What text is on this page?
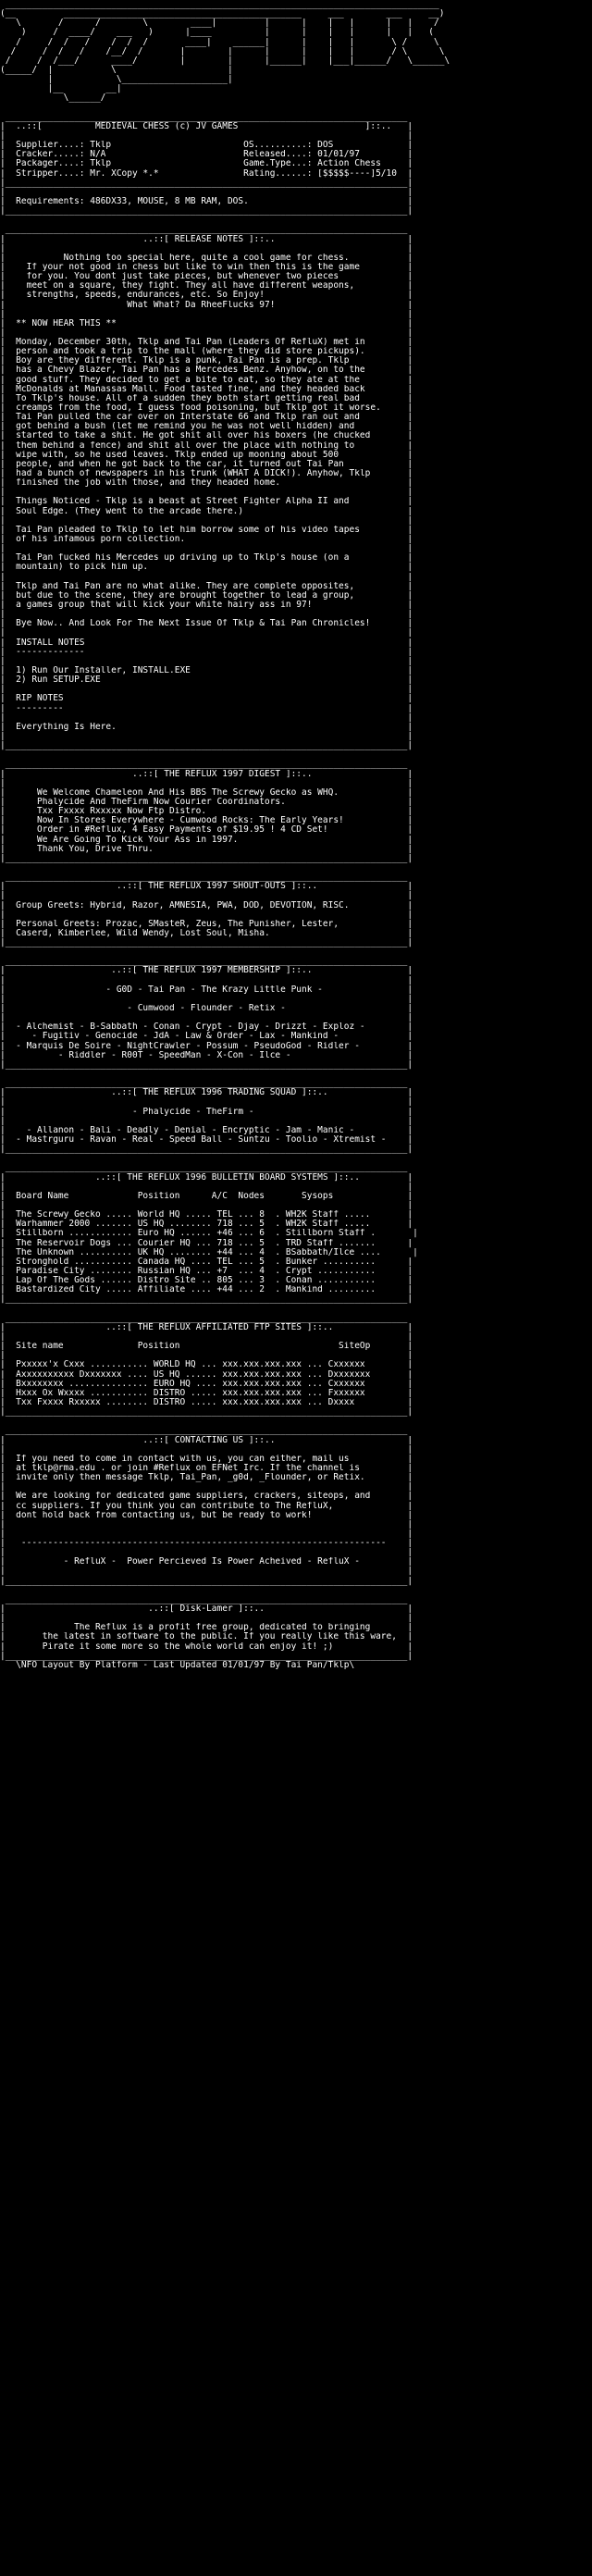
__________________________________________________________________________________
(__         _____________________________________________     ___        ___     __)
\       /      /        \        ____|         |      |    |   |      |   |    /
)     /  ____/    ___   )      |____          |      |    |   |      |   |   (
/     /  /   /    /  /  /       ____|    ______|      |    |   |       \ /     \
/     /  /   /    /__/  /       |        |      |      |    |   |       / \      \
/     /  /___/      ____/        |        |      |______|    |___|______/   \______\
(_____/  |           \                     |
|            \____________________|
|__        __|
\______/
____________________________________________________________________________
|  ..::[          MEDIEVAL CHESS (c) JV GAMES                        ]::..   |
|                                                                            |
|  Supplier....: Tklp                         OS..........: DOS              |
|  Cracker.....: N/A                          Released....: 01/01/97         |
|  Packager....: Tklp                         Game.Type...: Action Chess     |
|  Stripper....: Mr. XCopy *.*                Rating......: [$$$$$----]5/10  |
|____________________________________________________________________________|
|                                                                            |
|  Requirements: 486DX33, MOUSE, 8 MB RAM, DOS.                              |
|____________________________________________________________________________|
____________________________________________________________________________
|                          ..::[ RELEASE NOTES ]::..                         |
|                                                                            |
|           Nothing too special here, quite a cool game for chess.           |
|    If your not good in chess but like to win then this is the game         |
|    for you. You dont just take pieces, but whenever two pieces             |
|    meet on a square, they fight. They all have different weapons,          |
|    strengths, speeds, endurances, etc. So Enjoy!                           |
|                       What What? Da RheeFlucks 97!                         |
|                                                                            |
|  ** NOW HEAR THIS **                                                       |
|                                                                            |
|  Monday, December 30th, Tklp and Tai Pan (Leaders Of RefluX) met in        |
|  person and took a trip to the mall (where they did store pickups).        |
|  Boy are they different. Tklp is a punk, Tai Pan is a prep. Tklp           |
|  has a Chevy Blazer, Tai Pan has a Mercedes Benz. Anyhow, on to the        |
|  good stuff. They decided to get a bite to eat, so they ate at the         |
|  McDonalds at Manassas Mall. Food tasted fine, and they headed back        |
|  To Tklp's house. All of a sudden they both start getting real bad         |
|  creamps from the food, I guess food poisoning, but Tklp got it worse.     |
|  Tai Pan pulled the car over on Interstate 66 and Tklp ran out and         |
|  got behind a bush (let me remind you he was not well hidden) and          |
|  started to take a shit. He got shit all over his boxers (he chucked       |
|  them behind a fence) and shit all over the place with nothing to          |
|  wipe with, so he used leaves. Tklp ended up mooning about 500             |
|  people, and when he got back to the car, it turned out Tai Pan            |
|  had a bunch of newspapers in his trunk (WHAT A DICK!). Anyhow, Tklp       |
|  finished the job with those, and they headed home.                        |
|                                                                            |
|  Things Noticed - Tklp is a beast at Street Fighter Alpha II and           |
|  Soul Edge. (They went to the arcade there.)                               |
|                                                                            |
|  Tai Pan pleaded to Tklp to let him borrow some of his video tapes         |
|  of his infamous porn collection.                                          |
|                                                                            |
|  Tai Pan fucked his Mercedes up driving up to Tklp's house (on a           |
|  mountain) to pick him up.                                                 |
|                                                                            |
|  Tklp and Tai Pan are no what alike. They are complete opposites,          |
|  but due to the scene, they are brought together to lead a group,          |
|  a games group that will kick your white hairy ass in 97!                  |
|                                                                            |
|  Bye Now.. And Look For The Next Issue Of Tklp & Tai Pan Chronicles!       |
|                                                                            |
|  INSTALL NOTES                                                             |
|  -------------                                                             |
|                                                                            |
|  1) Run Our Installer, INSTALL.EXE                                         |
|  2) Run SETUP.EXE                                                          |
|                                                                            |
|  RIP NOTES                                                                 |
|  ---------                                                                 |
|                                                                            |
|  Everything Is Here.                                                       |
|                                                                            |
|____________________________________________________________________________|
____________________________________________________________________________
|                        ..::[ THE REFLUX 1997 DIGEST ]::..                  |
|                                                                            |
|      We Welcome Chameleon And His BBS The Screwy Gecko as WHQ.             |
|      Phalycide And TheFirm Now Courier Coordinators.                       |
|      Txx Fxxxx Rxxxxx Now Ftp Distro.                                      |
|      Now In Stores Everywhere - Cumwood Rocks: The Early Years!            |
|      Order in #Reflux, 4 Easy Payments of $19.95 ! 4 CD Set!               |
|      We Are Going To Kick Your Ass in 1997.                                |
|      Thank You, Drive Thru.                                                |
|____________________________________________________________________________|
____________________________________________________________________________
|                     ..::[ THE REFLUX 1997 SHOUT-OUTS ]::..                 |
|                                                                            |
|  Group Greets: Hybrid, Razor, AMNESIA, PWA, DOD, DEVOTION, RISC.           |
|                                                                            |
|  Personal Greets: Prozac, SMasteR, Zeus, The Punisher, Lester,             |
|  Caserd, Kimberlee, Wild Wendy, Lost Soul, Misha.                          |
|____________________________________________________________________________|
____________________________________________________________________________
|                    ..::[ THE REFLUX 1997 MEMBERSHIP ]::..                  |
|                                                                            |
|                   - G0D - Tai Pan - The Krazy Little Punk -                |
|                                                                            |
|                       - Cumwood - Flounder - Retix -                       |
|                                                                            |
|  - Alchemist - B-Sabbath - Conan - Crypt - Djay - Drizzt - Exploz -        |
|     - Fugitiv - Genocide - JdA - Law & Order - Lax - Mankind -             |
|  - Marquis De Soire - NightCrawler - Possum - PseudoGod - Ridler -         |
|          - Riddler - R00T - SpeedMan - X-Con - Ilce -                      |
|____________________________________________________________________________|
____________________________________________________________________________
|                    ..::[ THE REFLUX 1996 TRADING SQUAD ]::..               |
|                                                                            |
|                        - Phalycide - TheFirm -                             |
|                                                                            |
|    - Allanon - Bali - Deadly - Denial - Encryptic - Jam - Manic -          |
|  - Mastrguru - Ravan - Real - Speed Ball - Suntzu - Toolio - Xtremist -    |
|____________________________________________________________________________|
____________________________________________________________________________
|                 ..::[ THE REFLUX 1996 BULLETIN BOARD SYSTEMS ]::..         |
|                                                                            |
|  Board Name             Position      A/C  Nodes       Sysops              |
|                                                                            |
|  The Screwy Gecko ..... World HQ ..... TEL ... 8  . WH2K Staff .....       |
|  Warhammer 2000 ....... US HQ ........ 718 ... 5  . WH2K Staff .....       |
|  Stillborn ............ Euro HQ ...... +46 ... 6  . Stillborn Staff .       |
|  The Reservoir Dogs ... Courier HQ ... 718 ... 5  . TRD Staff .......      |
|  The Unknown .......... UK HQ ........ +44 ... 4  . BSabbath/Ilce ....      |
|  Stronghold ........... Canada HQ .... TEL ... 5  . Bunker ..........      |
|  Paradise City ........ Russian HQ ... +7  ... 4  . Crypt ...........      |
|  Lap Of The Gods ...... Distro Site .. 805 ... 3  . Conan ...........      |
|  Bastardized City ..... Affiliate .... +44 ... 2  . Mankind .........      |
|____________________________________________________________________________|
____________________________________________________________________________
|                   ..::[ THE REFLUX AFFILIATED FTP SITES ]::..              |
|                                                                            |
|  Site name              Position                              SiteOp       |
|                                                                            |
|  Pxxxxx'x Cxxx ........... WORLD HQ ... xxx.xxx.xxx.xxx ... Cxxxxxx        |
|  Axxxxxxxxxx Dxxxxxxx .... US HQ ...... xxx.xxx.xxx.xxx ... Dxxxxxxx       |
|  Bxxxxxxxx ............... EURO HQ .... xxx.xxx.xxx.xxx ... Cxxxxxx        |
|  Hxxx Ox Wxxxx ........... DISTRO ..... xxx.xxx.xxx.xxx ... Fxxxxxx        |
|  Txx Fxxxx Rxxxxx ........ DISTRO ..... xxx.xxx.xxx.xxx ... Dxxxx          |
|____________________________________________________________________________|
____________________________________________________________________________
|                          ..::[ CONTACTING US ]::..                         |
|                                                                            |
|  If you need to come in contact with us, you can either, mail us           |
|  at tklp@rma.edu . or join #Reflux on EFNet Irc. If the channel is         |
|  invite only then message Tklp, Tai_Pan, _g0d, _Flounder, or Retix.        |
|                                                                            |
|  We are looking for dedicated game suppliers, crackers, siteops, and       |
|  cc suppliers. If you think you can contribute to The RefluX,              |
|  dont hold back from contacting us, but be ready to work!                  |
|                                                                            |
|                                                                            |
|   ---------------------------------------------------------------------    |
|                                                                            |
|           - RefluX -  Power Percieved Is Power Acheived - RefluX -         |
|                                                                            |
|____________________________________________________________________________|
____________________________________________________________________________
|                           ..::[ Disk-Lamer ]::..                           |
|                                                                            |
|             The Reflux is a profit free group, dedicated to bringing       |
|       the latest in software to the public. If you really like this ware,  |
|       Pirate it some more so the whole world can enjoy it! ;)              |
|____________________________________________________________________________|
\NFO Layout By Platform - Last Updated 01/01/97 By Tai Pan/Tklp\
